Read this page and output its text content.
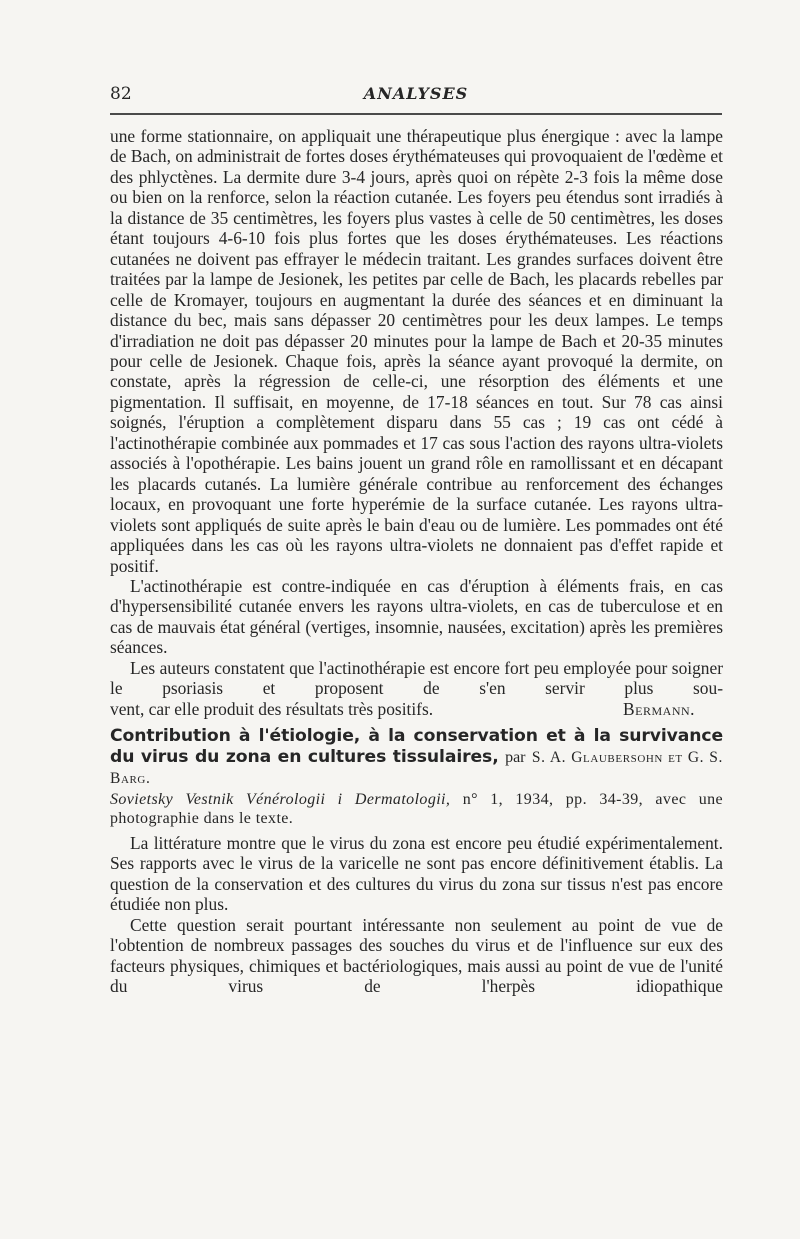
82	ANALYSES

une forme stationnaire, on appliquait une thérapeutique plus énergique : avec la lampe de Bach, on administrait de fortes doses érythémateuses qui provoquaient de l'œdème et des phlyctènes. La dermite dure 3-4 jours, après quoi on répète 2-3 fois la même dose ou bien on la renforce, selon la réaction cutanée. Les foyers peu étendus sont irradiés à la distance de 35 centimètres, les foyers plus vastes à celle de 50 centimètres, les doses étant toujours 4-6-10 fois plus fortes que les doses érythémateuses. Les réactions cutanées ne doivent pas effrayer le médecin traitant. Les grandes surfaces doivent être traitées par la lampe de Jesionek, les petites par celle de Bach, les placards rebelles par celle de Kromayer, toujours en augmentant la durée des séances et en diminuant la distance du bec, mais sans dépasser 20 centimètres pour les deux lampes. Le temps d'irradiation ne doit pas dépasser 20 minutes pour la lampe de Bach et 20-35 minutes pour celle de Jesionek. Chaque fois, après la séance ayant provoqué la dermite, on constate, après la régression de celle-ci, une résorption des éléments et une pigmentation. Il suffisait, en moyenne, de 17-18 séances en tout. Sur 78 cas ainsi soignés, l'éruption a complètement disparu dans 55 cas ; 19 cas ont cédé à l'actinothérapie combinée aux pommades et 17 cas sous l'action des rayons ultra-violets associés à l'opothérapie. Les bains jouent un grand rôle en ramollissant et en décapant les placards cutanés. La lumière générale contribue au renforcement des échanges locaux, en provoquant une forte hyperémie de la surface cutanée. Les rayons ultra-violets sont appliqués de suite après le bain d'eau ou de lumière. Les pommades ont été appliquées dans les cas où les rayons ultra-violets ne donnaient pas d'effet rapide et positif.

L'actinothérapie est contre-indiquée en cas d'éruption à éléments frais, en cas d'hypersensibilité cutanée envers les rayons ultra-violets, en cas de tuberculose et en cas de mauvais état général (vertiges, insomnie, nausées, excitation) après les premières séances.

Les auteurs constatent que l'actinothérapie est encore fort peu employée pour soigner le psoriasis et proposent de s'en servir plus sou-

vent, car elle produit des résultats très positifs.	Bermann.
Contribution à l'étiologie, à la conservation et à la survivance du virus du zona en cultures tissulaires, par S. A. Glaubersohn et G. S. Barg.
Sovietsky Vestnik Vénérologii i Dermatologii, n° 1, 1934, pp. 34-39, avec une photographie dans le texte.

La littérature montre que le virus du zona est encore peu étudié expérimentalement. Ses rapports avec le virus de la varicelle ne sont pas encore définitivement établis. La question de la conservation et des cultures du virus du zona sur tissus n'est pas encore étudiée non plus.

Cette question serait pourtant intéressante non seulement au point de vue de l'obtention de nombreux passages des souches du virus et de l'influence sur eux des facteurs physiques, chimiques et bactériologiques, mais aussi au point de vue de l'unité du virus de l'herpès idiopathique
